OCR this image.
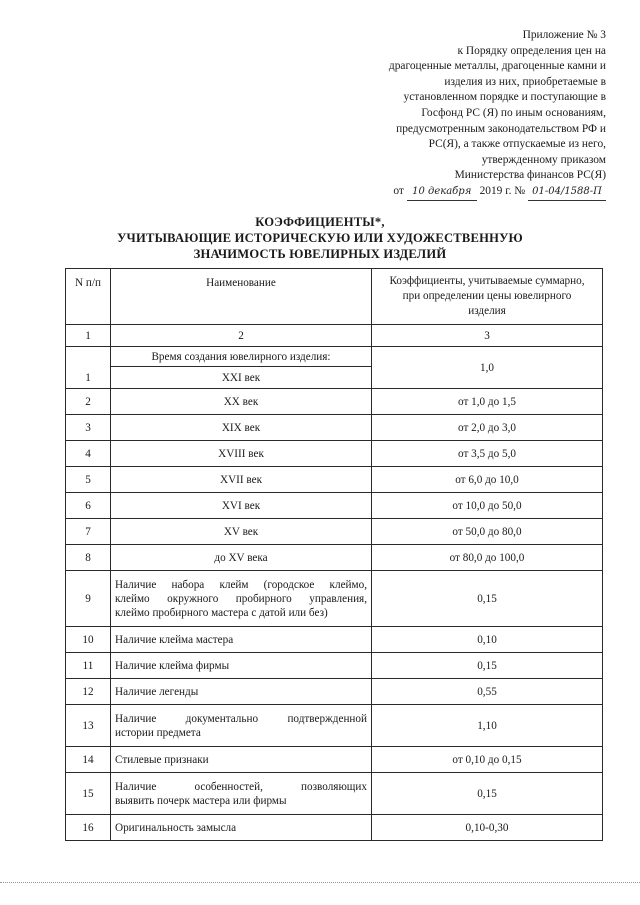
Приложение № 3
к Порядку определения цен на
драгоценные металлы, драгоценные камни и
изделия из них, приобретаемые в
установленном порядке и поступающие в
Госфонд РС (Я) по иным основаниям,
предусмотренным законодательством РФ и
РС(Я), а также отпускаемые из него,
утвержденному приказом
Министерства финансов РС(Я)
от 10 декабря 2019 г. № 01-04/1588-П
КОЭФФИЦИЕНТЫ*,
УЧИТЫВАЮЩИЕ ИСТОРИЧЕСКУЮ ИЛИ ХУДОЖЕСТВЕННУЮ
ЗНАЧИМОСТЬ ЮВЕЛИРНЫХ ИЗДЕЛИЙ
N п/п	Наименование	Коэффициенты, учитываемые суммарно, при определении цены ювелирного изделия
1	2	3
1	Время создания ювелирного изделия:	1,0
	XXI век	
2	XX век	от 1,0 до 1,5
3	XIX век	от 2,0 до 3,0
4	XVIII век	от 3,5 до 5,0
5	XVII век	от 6,0 до 10,0
6	XVI век	от 10,0 до 50,0
7	XV век	от 50,0 до 80,0
8	до XV века	от 80,0 до 100,0
9	Наличие набора клейм (городское клеймо,
клеймо окружного пробирного управления,
клеймо пробирного мастера с датой или без)	0,15
10	Наличие клейма мастера	0,10
11	Наличие клейма фирмы	0,15
12	Наличие легенды	0,55
13	Наличие документально подтвержденной
истории предмета	1,10
14	Стилевые признаки	от 0,10 до 0,15
15	Наличие особенностей, позволяющих
выявить почерк мастера или фирмы	0,15
16	Оригинальность замысла	0,10-0,30
